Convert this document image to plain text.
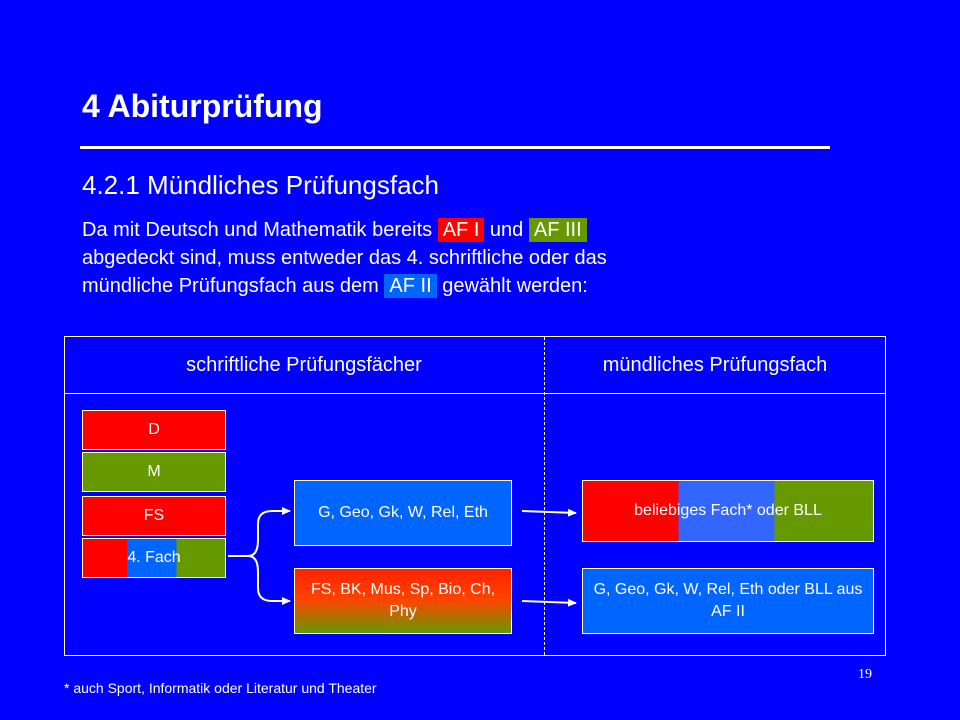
4 Abiturprüfung
4.2.1 Mündliches Prüfungsfach
Da mit Deutsch und Mathematik bereits AF I und AF III
abgedeckt sind, muss entweder das 4. schriftliche oder das
mündliche Prüfungsfach aus dem AF II gewählt werden:
schriftliche Prüfungsfächer	mündliches Prüfungsfach
D
M
FS
4. Fach
G, Geo, Gk, W, Rel, Eth
FS, BK, Mus, Sp, Bio, Ch, Phy
beliebiges Fach* oder BLL
G, Geo, Gk, W, Rel, Eth oder BLL aus AF II
* auch Sport, Informatik oder Literatur und Theater
19
